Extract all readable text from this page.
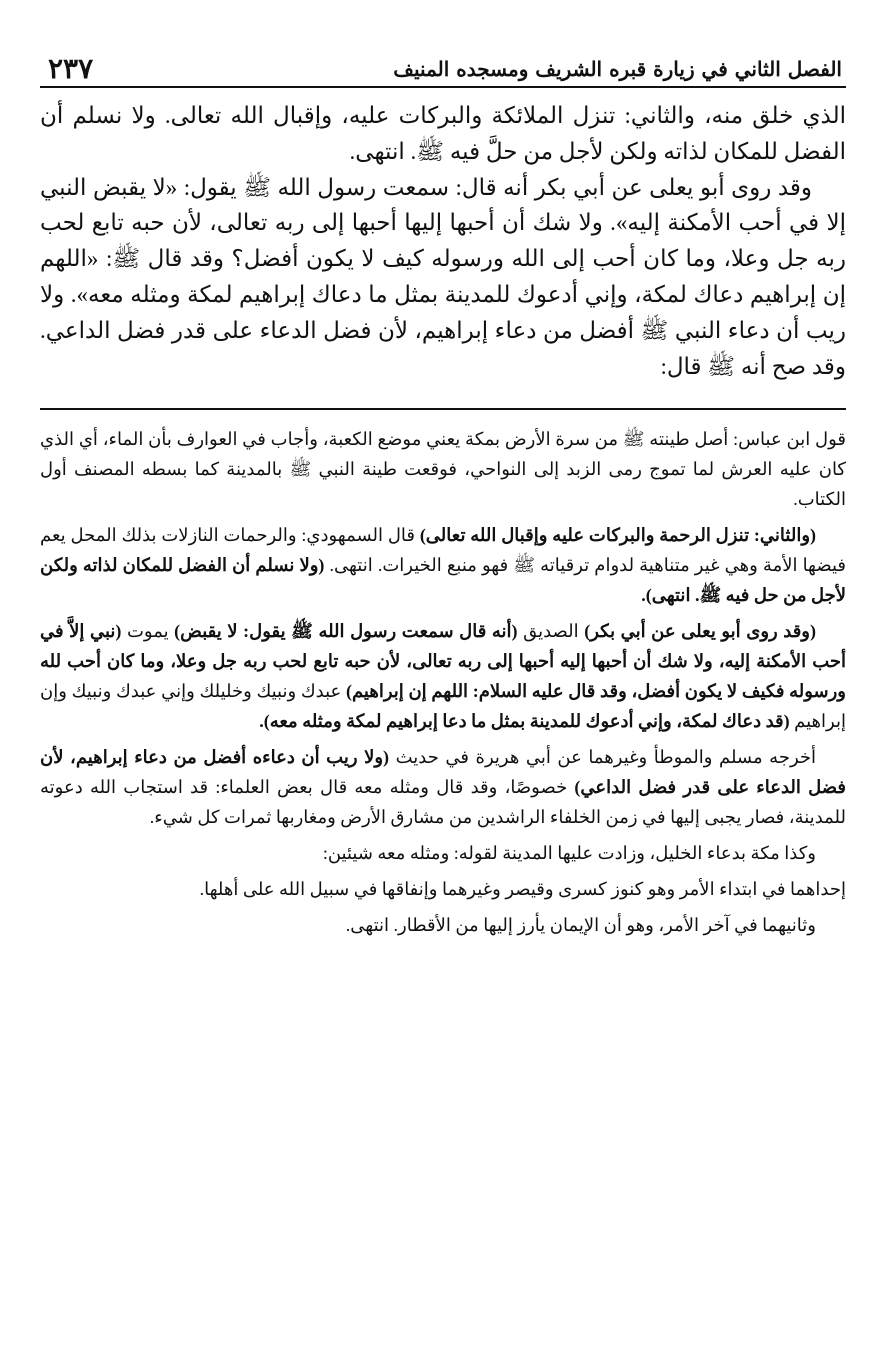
الفصل الثاني في زيارة قبره الشريف ومسجده المنيف
٢٣٧

الذي خلق منه، والثاني: تنزل الملائكة والبركات عليه، وإقبال الله تعالى. ولا نسلم أن الفضل للمكان لذاته ولكن لأجل من حلَّ فيه ﷺ. انتهى.

وقد روى أبو يعلى عن أبي بكر أنه قال: سمعت رسول الله ﷺ يقول: «لا يقبض النبي إلا في أحب الأمكنة إليه». ولا شك أن أحبها إليها أحبها إلى ربه تعالى، لأن حبه تابع لحب ربه جل وعلا، وما كان أحب إلى الله ورسوله كيف لا يكون أفضل؟ وقد قال ﷺ: «اللهم إن إبراهيم دعاك لمكة، وإني أدعوك للمدينة بمثل ما دعاك إبراهيم لمكة ومثله معه». ولا ريب أن دعاء النبي ﷺ أفضل من دعاء إبراهيم، لأن فضل الدعاء على قدر فضل الداعي. وقد صح أنه ﷺ قال:

قول ابن عباس: أصل طينته ﷺ من سرة الأرض بمكة يعني موضع الكعبة، وأجاب في العوارف بأن الماء، أي الذي كان عليه العرش لما تموج رمى الزبد إلى النواحي، فوقعت طينة النبي ﷺ بالمدينة كما بسطه المصنف أول الكتاب.

(والثاني: تنزل الرحمة والبركات عليه وإقبال الله تعالى) قال السمهودي: والرحمات النازلات بذلك المحل يعم فيضها الأمة وهي غير متناهية لدوام ترقياته ﷺ فهو منبع الخيرات. انتهى. (ولا نسلم أن الفضل للمكان لذاته ولكن لأجل من حل فيه ﷺ. انتهى).

(وقد روى أبو يعلى عن أبي بكر) الصديق (أنه قال سمعت رسول الله ﷺ يقول: لا يقبض) يموت (نبي إلاَّ في أحب الأمكنة إليه، ولا شك أن أحبها إليه أحبها إلى ربه تعالى، لأن حبه تابع لحب ربه جل وعلا، وما كان أحب لله ورسوله فكيف لا يكون أفضل، وقد قال عليه السلام: اللهم إن إبراهيم) عبدك ونبيك وخليلك وإني عبدك ونبيك وإن إبراهيم (قد دعاك لمكة، وإني أدعوك للمدينة بمثل ما دعا إبراهيم لمكة ومثله معه).

أخرجه مسلم والموطأ وغيرهما عن أبي هريرة في حديث (ولا ريب أن دعاءه أفضل من دعاء إبراهيم، لأن فضل الدعاء على قدر فضل الداعي) خصوصًا، وقد قال ومثله معه قال بعض العلماء: قد استجاب الله دعوته للمدينة، فصار يجبى إليها في زمن الخلفاء الراشدين من مشارق الأرض ومغاربها ثمرات كل شيء.

وكذا مكة بدعاء الخليل، وزادت عليها المدينة لقوله: ومثله معه شيئين:

إحداهما في ابتداء الأمر وهو كنوز كسرى وقيصر وغيرهما وإنفاقها في سبيل الله على أهلها.

وثانيهما في آخر الأمر، وهو أن الإيمان يأرز إليها من الأقطار. انتهى.
